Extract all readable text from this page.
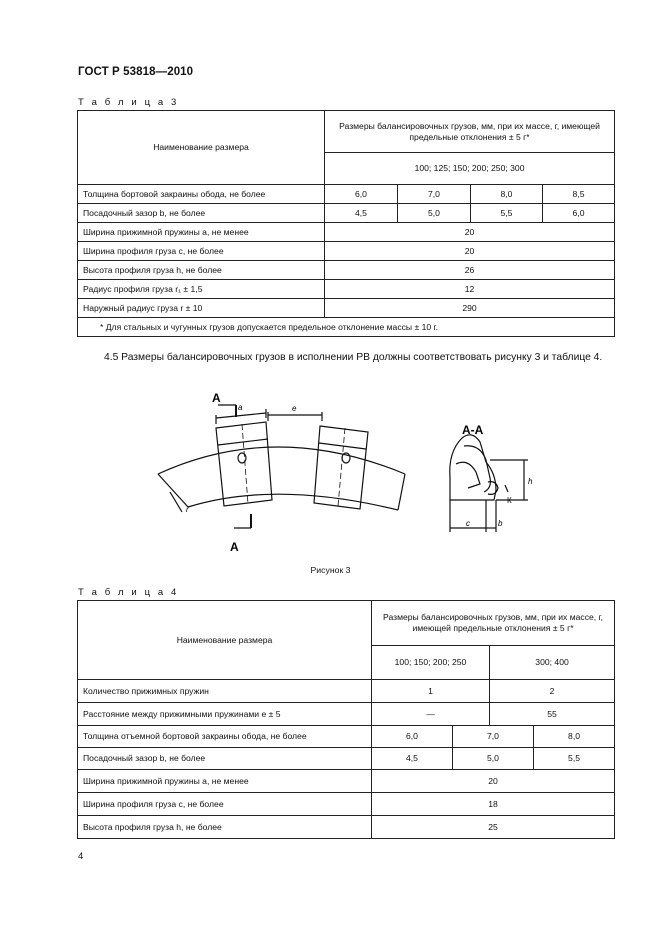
ГОСТ Р 53818—2010
Т а б л и ц а 3
Наименование размера	Размеры балансировочных грузов, мм, при их массе, г, имеющей предельные отклонения ± 5 г*			
	100; 125; 150; 200; 250; 300			
Толщина бортовой закраины обода, не более	6,0	7,0	8,0	8,5
Посадочный зазор b, не более	4,5	5,0	5,5	6,0
Ширина прижимной пружины а, не менее	20			
Ширина профиля груза с, не более	20			
Высота профиля груза h, не более	26			
Радиус профиля груза r₁ ± 1,5	12			
Наружный радиус груза r ± 10	290			
* Для стальных и чугунных грузов допускается предельное отклонение массы ± 10 г.				
4.5 Размеры балансировочных грузов в исполнении РВ должны соответствовать рисунку 3 и таблице 4.
A
A
A-A
a	e
r
c	b
h
К
Рисунок 3
Т а б л и ц а 4
Наименование размера	Размеры балансировочных грузов, мм, при их массе, г, имеющей предельные отклонения ± 5 г*			
	100; 150; 200; 250		300; 400	
Количество прижимных пружин	1		2	
Расстояние между прижимными пружинами е ± 5	—		55	
Толщина отъемной бортовой закраины обода, не более	6,0	7,0		8,0
Посадочный зазор b, не более	4,5	5,0		5,5
Ширина прижимной пружины а, не менее	20			
Ширина профиля груза с, не более	18			
Высота профиля груза h, не более	25			
4
